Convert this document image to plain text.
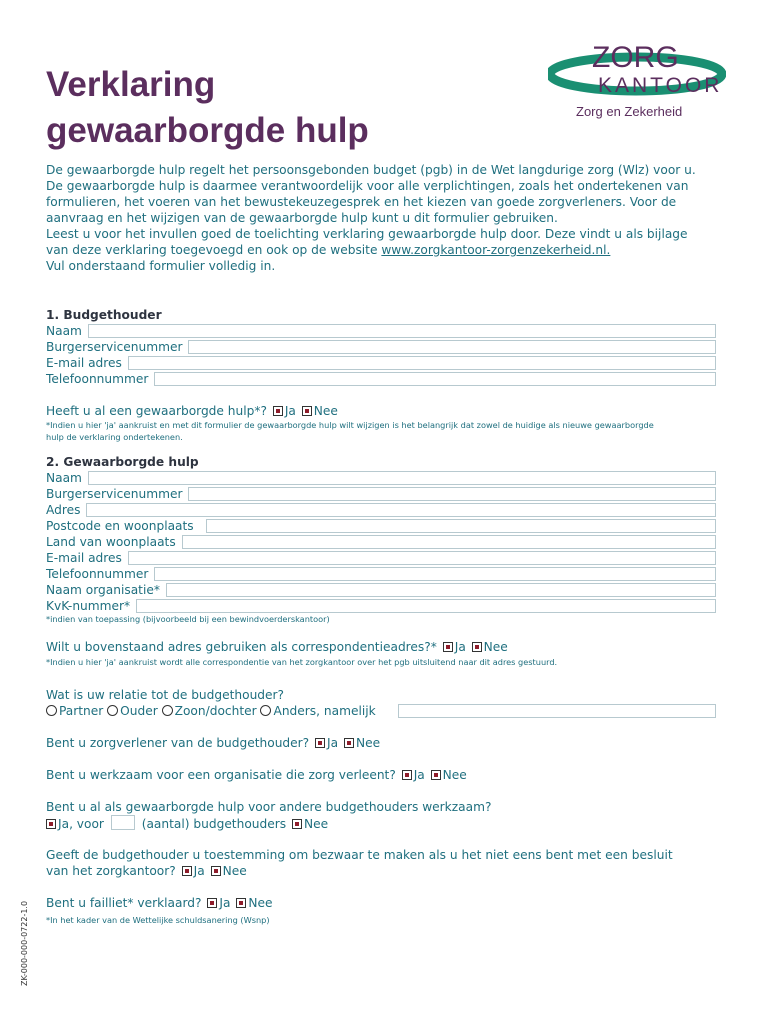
Verklaring
gewaarborgde hulp
ZORG
KANTOOR
Zorg en Zekerheid
De gewaarborgde hulp regelt het persoonsgebonden budget (pgb) in de Wet langdurige zorg (Wlz) voor u.
De gewaarborgde hulp is daarmee verantwoordelijk voor alle verplichtingen, zoals het ondertekenen van
formulieren, het voeren van het bewustekeuzegesprek en het kiezen van goede zorgverleners. Voor de
aanvraag en het wijzigen van de gewaarborgde hulp kunt u dit formulier gebruiken.
Leest u voor het invullen goed de toelichting verklaring gewaarborgde hulp door. Deze vindt u als bijlage
van deze verklaring toegevoegd en ook op de website www.zorgkantoor-zorgenzekerheid.nl.
Vul onderstaand formulier volledig in.
1. Budgethouder
Naam
Burgerservicenummer
E-mail adres
Telefoonnummer
Heeft u al een gewaarborgde hulp*? Ja Nee
*Indien u hier 'ja' aankruist en met dit formulier de gewaarborgde hulp wilt wijzigen is het belangrijk dat zowel de huidige als nieuwe gewaarborgde
hulp de verklaring ondertekenen.
2. Gewaarborgde hulp
Naam
Burgerservicenummer
Adres
Postcode en woonplaats
Land van woonplaats
E-mail adres
Telefoonnummer
Naam organisatie*
KvK-nummer*
*indien van toepassing (bijvoorbeeld bij een bewindvoerderskantoor)
Wilt u bovenstaand adres gebruiken als correspondentieadres?* Ja Nee
*Indien u hier 'ja' aankruist wordt alle correspondentie van het zorgkantoor over het pgb uitsluitend naar dit adres gestuurd.
Wat is uw relatie tot de budgethouder?
Partner Ouder Zoon/dochter Anders, namelijk
Bent u zorgverlener van de budgethouder? Ja Nee
Bent u werkzaam voor een organisatie die zorg verleent? Ja Nee
Bent u al als gewaarborgde hulp voor andere budgethouders werkzaam?
Ja, voor	(aantal) budgethouders Nee
Geeft de budgethouder u toestemming om bezwaar te maken als u het niet eens bent met een besluit
van het zorgkantoor? Ja Nee
Bent u failliet* verklaard? Ja Nee
*In het kader van de Wettelijke schuldsanering (Wsnp)
ZK-000-000-0722-1.0
